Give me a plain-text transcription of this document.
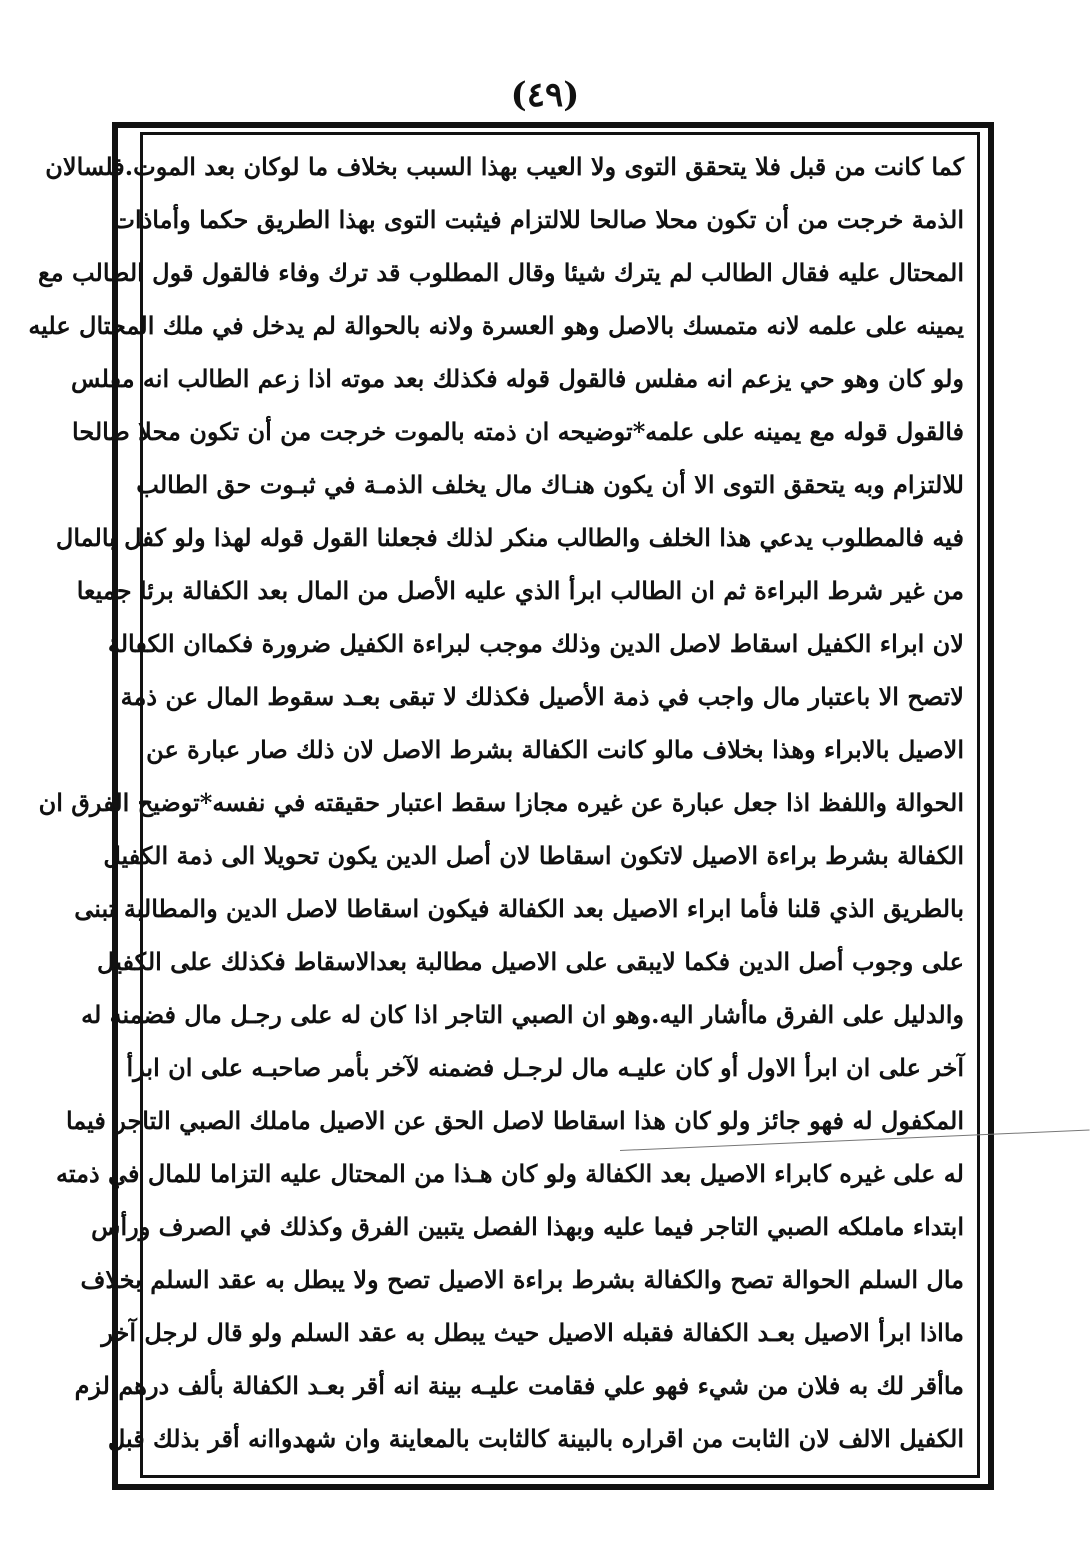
(٤٩)
كما كانت من قبل فلا يتحقق التوى ولا العيب بهذا السبب بخلاف ما لوكان بعد الموت.فلسالان
الذمة خرجت من أن تكون محلا صالحا للالتزام فيثبت التوى بهذا الطريق حكما وأماذات
المحتال عليه فقال الطالب لم يترك شيئا وقال المطلوب قد ترك وفاء فالقول قول الطالب مع
يمينه على علمه لانه متمسك بالاصل وهو العسرة ولانه بالحوالة لم يدخل في ملك المحتال عليه
ولو كان وهو حي يزعم انه مفلس فالقول قوله فكذلك بعد موته اذا زعم الطالب انه مفلس
فالقول قوله مع يمينه على علمه*توضيحه ان ذمته بالموت خرجت من أن تكون محلا صالحا
للالتزام وبه يتحقق التوى الا أن يكون هنـاك مال يخلف الذمـة في ثبـوت حق الطالب
فيه فالمطلوب يدعي هذا الخلف والطالب منكر لذلك فجعلنا القول قوله لهذا ولو كفل بالمال
من غير شرط البراءة ثم ان الطالب ابرأ الذي عليه الأصل من المال بعد الكفالة برئا جميعا
لان ابراء الكفيل اسقاط لاصل الدين وذلك موجب لبراءة الكفيل ضرورة فكماان الكفالة
لاتصح الا باعتبار مال واجب في ذمة الأصيل فكذلك لا تبقى بعـد سقوط المال عن ذمة
الاصيل بالابراء وهذا بخلاف مالو كانت الكفالة بشرط الاصل لان ذلك صار عبارة عن
الحوالة واللفظ اذا جعل عبارة عن غيره مجازا سقط اعتبار حقيقته في نفسه*توضيح الفرق ان
الكفالة بشرط براءة الاصيل لاتكون اسقاطا لان أصل الدين يكون تحويلا الى ذمة الكفيل
بالطريق الذي قلنا فأما ابراء الاصيل بعد الكفالة فيكون اسقاطا لاصل الدين والمطالبة تبنى
على وجوب أصل الدين فكما لايبقى على الاصيل مطالبة بعدالاسقاط فكذلك على الكفيل
والدليل على الفرق ماأشار اليه.وهو ان الصبي التاجر اذا كان له على رجـل مال فضمنه له
آخر على ان ابرأ الاول أو كان عليـه مال لرجـل فضمنه لآخر بأمر صاحبـه على ان ابرأ
المكفول له فهو جائز ولو كان هذا اسقاطا لاصل الحق عن الاصيل ماملك الصبي التاجر فيما
له على غيره كابراء الاصيل بعد الكفالة ولو كان هـذا من المحتال عليه التزاما للمال في ذمته
ابتداء ماملكه الصبي التاجر فيما عليه وبهذا الفصل يتبين الفرق وكذلك في الصرف ورأس
مال السلم الحوالة تصح والكفالة بشرط براءة الاصيل تصح ولا يبطل به عقد السلم بخلاف
مااذا ابرأ الاصيل بعـد الكفالة فقبله الاصيل حيث يبطل به عقد السلم ولو قال لرجل آخر
ماأقر لك به فلان من شيء فهو علي فقامت عليـه بينة انه أقر بعـد الكفالة بألف درهم لزم
الكفيل الالف لان الثابت من اقراره بالبينة كالثابت بالمعاينة وان شهدواانه أقر بذلك قبل
